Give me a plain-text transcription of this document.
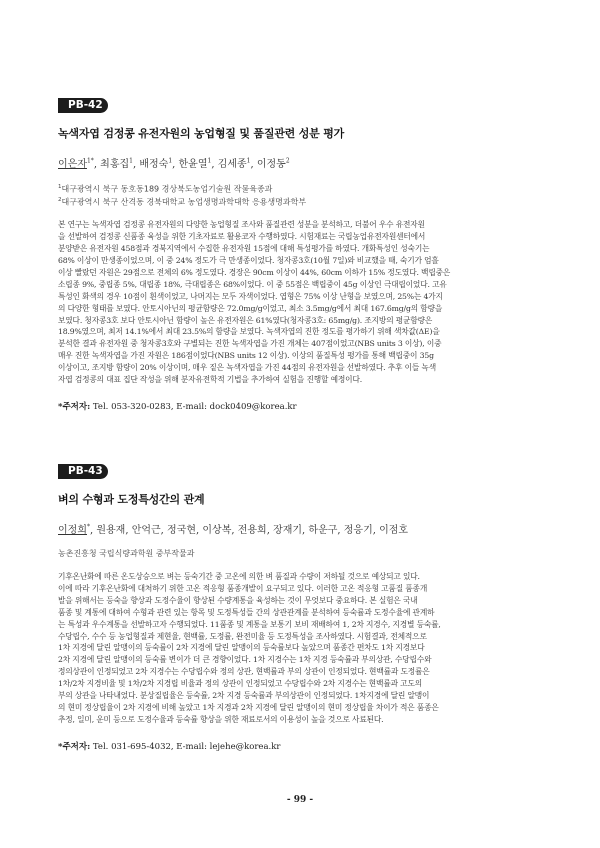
PB-42
녹색자엽 검정콩 유전자원의 농업형질 및 품질관련 성분 평가
이은자$^{1*}$, 최홍집$^1$, 배정숙$^1$, 한윤열$^1$, 김세종$^1$, 이정동$^2$
$^1$대구광역시 북구 동호동189 경상북도농업기술원 작물육종과
$^2$대구광역시 북구 산격동 경북대학교 농업생명과학대학 응용생명과학부
본 연구는 녹색자엽 검정콩 유전자원의 다양한 농업형질 조사와 품질관련 성분을 분석하고, 더불어 우수 유전자원
을 선발하여 검정콩 신품종 육성을 위한 기초자료로 활용코자 수행하였다. 시험재료는 국립농업유전자원센터에서
분양받은 유전자원 458점과 경북지역에서 수집한 유전자원 15점에 대해 특성평가를 하였다. 개화특성인 성숙기는
68% 이상이 만생종이었으며, 이 중 24% 정도가 극 만생종이었다. 청자콩3호(10월 7일)와 비교했을 때, 숙기가 엄흘
이상 빨랐던 자원은 29점으로 전체의 6% 정도였다. 경장은 90cm 이상이 44%, 60cm 이하가 15% 정도였다. 백립중은
소립종 9%, 중립종 5%, 대립종 18%, 극대립종은 68%이었다. 이 중 55점은 백립중이 45g 이상인 극대립이었다. 고유
특성인 화색의 경우 10점이 흰색이었고, 나머지는 모두 자색이었다. 엽형은 75% 이상 난형을 보였으며, 25%는 4가지
의 다양한 형태를 보였다. 안토시아닌의 평균함량은 72.0mg/g이었고, 최소 3.5mg/g에서 최대 167.6mg/g의 함량을
보였다. 청자콩3호 보다 안토시아닌 함량이 높은 유전자원은 61%였다(청자콩3호: 65mg/g). 조지방의 평균함량은
18.9%였으며, 최저 14.1%에서 최대 23.5%의 함량을 보였다. 녹색자엽의 진한 정도를 평가하기 위해 색차값(ΔE)을
분석한 결과 유전자원 중 청자콩3호와 구별되는 진한 녹색자엽을 가진 개체는 407점이었고(NBS units 3 이상), 이중
매우 진한 녹색자엽을 가진 자원은 186점이었다(NBS units 12 이상). 이상의 품질특성 평가를 통해 백립중이 35g
이상이고, 조지방 함량이 20% 이상이며, 매우 짙은 녹색자엽을 가진 44점의 유전자원을 선발하였다. 추후 이들 녹색
자엽 검정콩의 대표 집단 작성을 위해 분자유전학적 기법을 추가하여 실험을 진행할 예정이다.
*주저자: Tel. 053-320-0283, E-mail: dock0409@korea.kr
PB-43
벼의 수형과 도정특성간의 관계
이정희*, 원용재, 안억근, 정국현, 이상복, 전용희, 장재기, 하운구, 정응기, 이점호
농촌진흥청 국립식량과학원 중부작물과
기후온난화에 따른 온도상승으로 벼는 등숙기간 중 고온에 의한 벼 품질과 수량이 저하될 것으로 예상되고 있다.
이에 따라 기후온난화에 대처하기 위한 고온 적응형 품종개발이 요구되고 있다. 이러한 고온 적응형 고품질 품종개
발을 위해서는 등숙을 향상과 도정수율이 향상된 수량계통을 육성하는 것이 무엇보다 중요하다. 본 실험은 국내
품종 및 계통에 대하여 수형과 관련 있는 항목 및 도정특성들 간의 상관관계를 분석하여 등숙률과 도정수율에 관계하
는 특성과 우수계통을 선발하고자 수행되었다. 11품종 및 계통을 보통기 보비 재배하여 1, 2차 지경수, 지경별 등숙률,
수당립수, 수수 등 농업형질과 제현율, 현백률, 도정률, 완전미율 등 도정특성을 조사하였다. 시험결과, 전체적으로
1차 지경에 달린 알맹이의 등숙률이 2차 지경에 달린 알맹이의 등숙률보다 높았으며 품종간 편차도 1차 지경보다
2차 지경에 달린 알맹이의 등숙률 변이가 더 큰 경향이었다. 1차 지경수는 1차 지경 등숙률과 부의상관, 수당립수와
정의상관이 인정되었고 2차 지경수는 수당립수와 정의 상관, 현백률과 부의 상관이 인정되었다. 현백률과 도정률은
1차/2차 지경비율 및 1차/2차 지경립 비율과 정의 상관이 인정되었고 수당립수와 2차 지경수는 현백률과 고도의
부의 상관을 나타내었다. 분상질립율은 등숙률, 2차 지경 등숙률과 부의상관이 인정되었다. 1차지경에 달린 알맹이
의 현미 정상립율이 2차 지경에 비해 높았고 1차 지경과 2차 지경에 달린 알맹이의 현미 정상립율 차이가 적은 품종은
추정, 일미, 운미 등으로 도정수율과 등숙률 향상을 위한 재료로서의 이용성이 높을 것으로 사료된다.
*주저자: Tel. 031-695-4032, E-mail: lejehe@korea.kr
- 99 -
